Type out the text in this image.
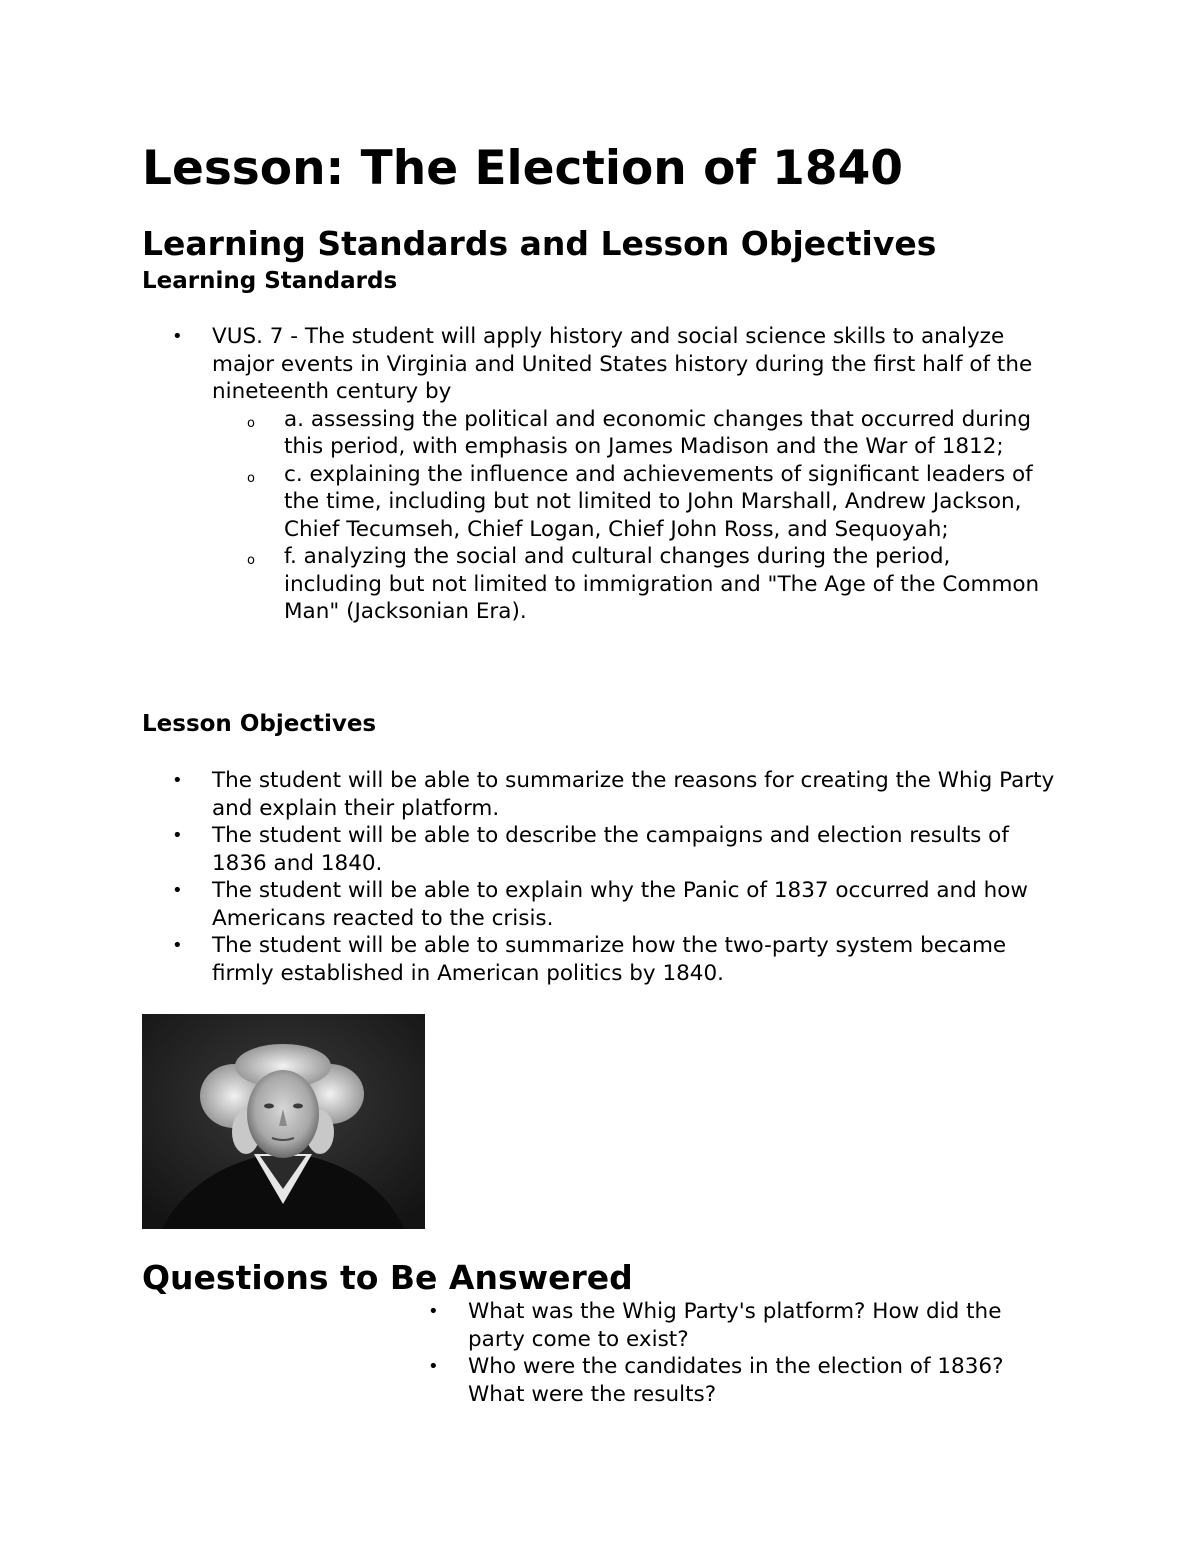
Lesson: The Election of 1840
Learning Standards and Lesson Objectives
Learning Standards
• VUS. 7 - The student will apply history and social science skills to analyze major events in Virginia and United States history during the first half of the nineteenth century by
o a. assessing the political and economic changes that occurred during this period, with emphasis on James Madison and the War of 1812;
o c. explaining the influence and achievements of significant leaders of the time, including but not limited to John Marshall, Andrew Jackson, Chief Tecumseh, Chief Logan, Chief John Ross, and Sequoyah;
o f. analyzing the social and cultural changes during the period, including but not limited to immigration and "The Age of the Common Man" (Jacksonian Era).
Lesson Objectives
• The student will be able to summarize the reasons for creating the Whig Party and explain their platform.
• The student will be able to describe the campaigns and election results of 1836 and 1840.
• The student will be able to explain why the Panic of 1837 occurred and how Americans reacted to the crisis.
• The student will be able to summarize how the two-party system became firmly established in American politics by 1840.
Questions to Be Answered
• What was the Whig Party's platform? How did the party come to exist?
• Who were the candidates in the election of 1836? What were the results?
